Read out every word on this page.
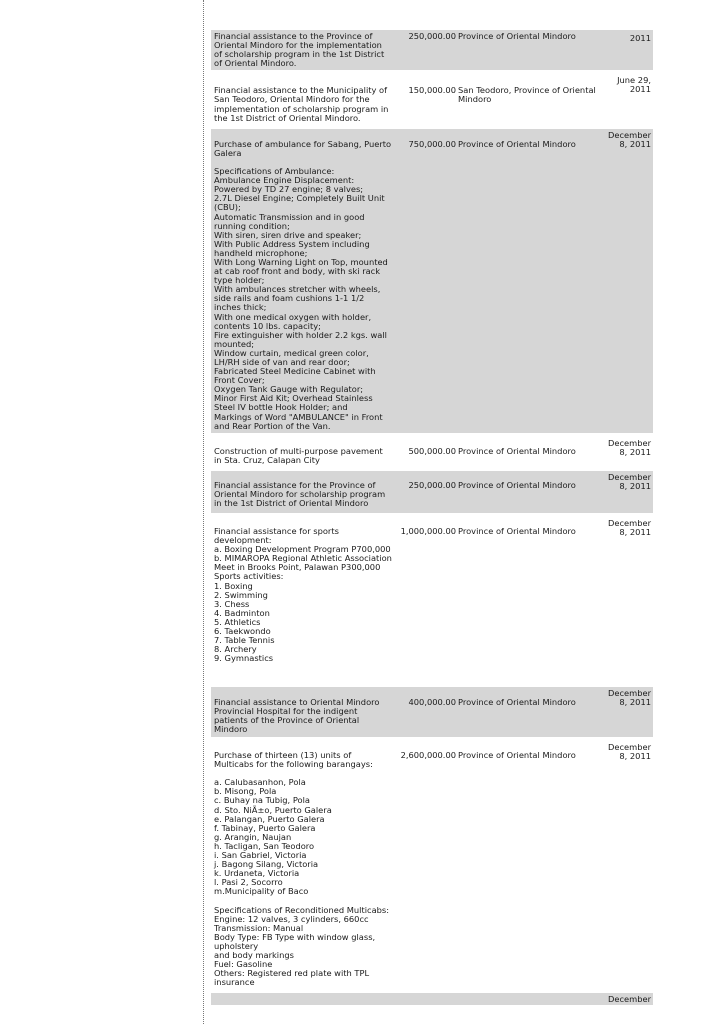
Financial assistance to the Province of Oriental Mindoro for the implementation of scholarship program in the 1st District of Oriental Mindoro.
250,000.00 Province of Oriental Mindoro	2011
Financial assistance to the Municipality of San Teodoro, Oriental Mindoro for the implementation of scholarship program in the 1st District of Oriental Mindoro.
150,000.00 San Teodoro, Province of Oriental Mindoro
June 29,
2011
Purchase of ambulance for Sabang, Puerto Galera

Specifications of Ambulance:
Ambulance Engine Displacement:
Powered by TD 27 engine; 8 valves;
2.7L Diesel Engine; Completely Built Unit (CBU);
Automatic Transmission and in good running condition;
With siren, siren drive and speaker;
With Public Address System including handheld microphone;
With Long Warning Light on Top, mounted at cab roof front and body, with ski rack type holder;
With ambulances stretcher with wheels, side rails and foam cushions 1-1 1/2 inches thick;
With one medical oxygen with holder, contents 10 lbs. capacity;
Fire extinguisher with holder 2.2 kgs. wall mounted;
Window curtain, medical green color, LH/RH side of van and rear door;
Fabricated Steel Medicine Cabinet with Front Cover;
Oxygen Tank Gauge with Regulator;
Minor First Aid Kit; Overhead Stainless Steel IV bottle Hook Holder; and
Markings of Word "AMBULANCE" in Front and Rear Portion of the Van.
750,000.00 Province of Oriental Mindoro
December
8, 2011
Construction of multi-purpose pavement in Sta. Cruz, Calapan City
500,000.00 Province of Oriental Mindoro
December
8, 2011
Financial assistance for the Province of Oriental Mindoro for scholarship program in the 1st District of Oriental Mindoro
250,000.00 Province of Oriental Mindoro
December
8, 2011
Financial assistance for sports development:
a. Boxing Development Program P700,000
b. MIMAROPA Regional Athletic Association
Meet in Brooks Point, Palawan P300,000
Sports activities:
1. Boxing
2. Swimming
3. Chess
4. Badminton
5. Athletics
6. Taekwondo
7. Table Tennis
8. Archery
9. Gymnastics
1,000,000.00 Province of Oriental Mindoro
December
8, 2011
Financial assistance to Oriental Mindoro Provincial Hospital for the indigent patients of the Province of Oriental Mindoro
400,000.00 Province of Oriental Mindoro
December
8, 2011
Purchase of thirteen (13) units of Multicabs for the following barangays:

a. Calubasanhon, Pola
b. Misong, Pola
c. Buhay na Tubig, Pola
d. Sto. NiÃ±o, Puerto Galera
e. Palangan, Puerto Galera
f. Tabinay, Puerto Galera
g. Arangin, Naujan
h. Tacligan, San Teodoro
i. San Gabriel, Victoria
j. Bagong Silang, Victoria
k. Urdaneta, Victoria
l. Pasi 2, Socorro
m.Municipality of Baco

Specifications of Reconditioned Multicabs:
Engine: 12 valves, 3 cylinders, 660cc
Transmission: Manual
Body Type: FB Type with window glass, upholstery
and body markings
Fuel: Gasoline
Others: Registered red plate with TPL insurance
2,600,000.00 Province of Oriental Mindoro
December
8, 2011
December
